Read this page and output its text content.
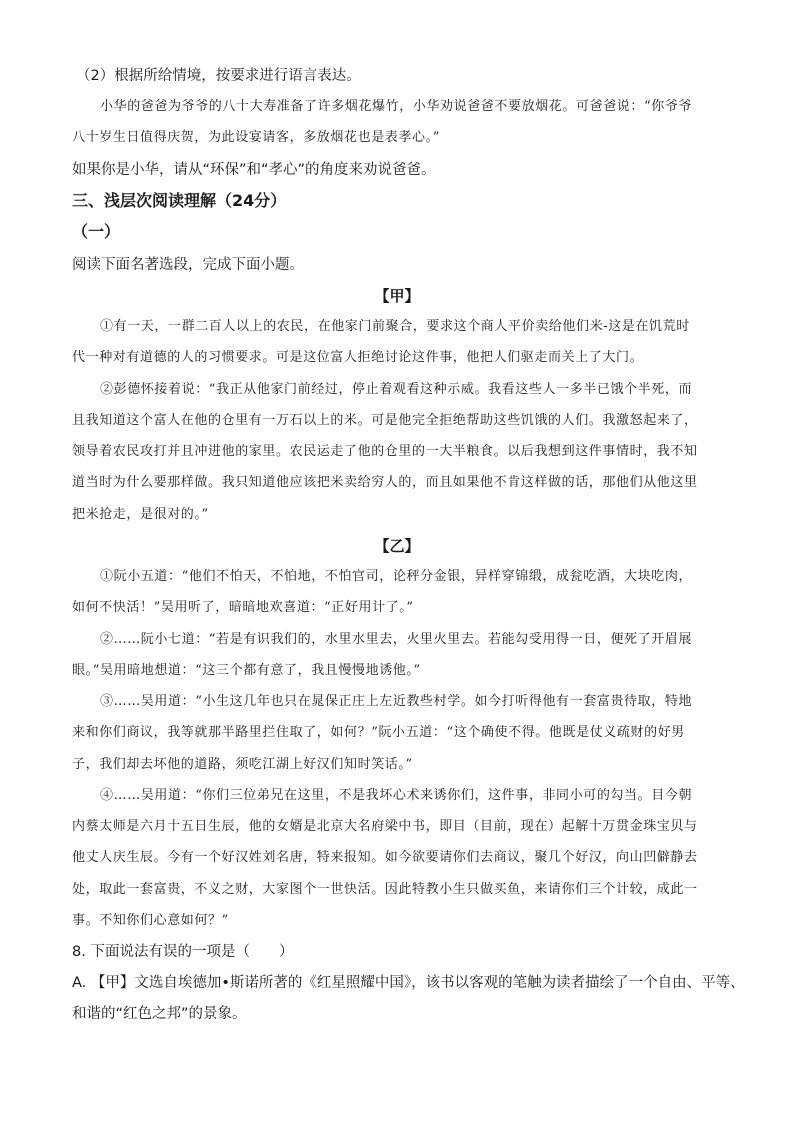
（2）根据所给情境，按要求进行语言表达。
小华的爸爸为爷爷的八十大寿准备了许多烟花爆竹，小华劝说爸爸不要放烟花。可爸爸说：“你爷爷
八十岁生日值得庆贺，为此设宴请客，多放烟花也是表孝心。”
如果你是小华，请从“环保”和“孝心”的角度来劝说爸爸。
三、浅层次阅读理解（24分）
（一）
阅读下面名著选段，完成下面小题。
【甲】
①有一天，一群二百人以上的农民，在他家门前聚合，要求这个商人平价卖给他们米-这是在饥荒时
代一种对有道德的人的习惯要求。可是这位富人拒绝讨论这件事，他把人们驱走而关上了大门。
②彭德怀接着说：“我正从他家门前经过，停止着观看这种示威。我看这些人一多半已饿个半死，而
且我知道这个富人在他的仓里有一万石以上的米。可是他完全拒绝帮助这些饥饿的人们。我激怒起来了，
领导着农民攻打并且冲进他的家里。农民运走了他的仓里的一大半粮食。以后我想到这件事情时，我不知
道当时为什么要那样做。我只知道他应该把米卖给穷人的，而且如果他不肯这样做的话，那他们从他这里
把米抢走，是很对的。”
【乙】
①阮小五道：“他们不怕天，不怕地，不怕官司，论秤分金银，异样穿锦缎，成瓮吃酒，大块吃肉，
如何不快活！”吴用听了，暗暗地欢喜道：“正好用计了。”
②……阮小七道：“若是有识我们的，水里水里去，火里火里去。若能勾受用得一日，便死了开眉展
眼。”吴用暗地想道：“这三个都有意了，我且慢慢地诱他。”
③……吴用道：“小生这几年也只在晁保正庄上左近教些村学。如今打听得他有一套富贵待取，特地
来和你们商议，我等就那半路里拦住取了，如何？”阮小五道：“这个确使不得。他既是仗义疏财的好男
子，我们却去坏他的道路，须吃江湖上好汉们知时笑话。”
④……吴用道：“你们三位弟兄在这里，不是我坏心术来诱你们，这件事，非同小可的勾当。目今朝
内蔡太师是六月十五日生辰，他的女婿是北京大名府梁中书，即目（目前，现在）起解十万贯金珠宝贝与
他丈人庆生辰。今有一个好汉姓刘名唐，特来报知。如今欲要请你们去商议，聚几个好汉，向山凹僻静去
处，取此一套富贵，不义之财，大家图个一世快活。因此特教小生只做买鱼，来请你们三个计较，成此一
事。不知你们心意如何？”
8. 下面说法有误的一项是（　　）
A. 【甲】文选自埃德加•斯诺所著的《红星照耀中国》，该书以客观的笔触为读者描绘了一个自由、平等、
和谐的“红色之邦”的景象。
